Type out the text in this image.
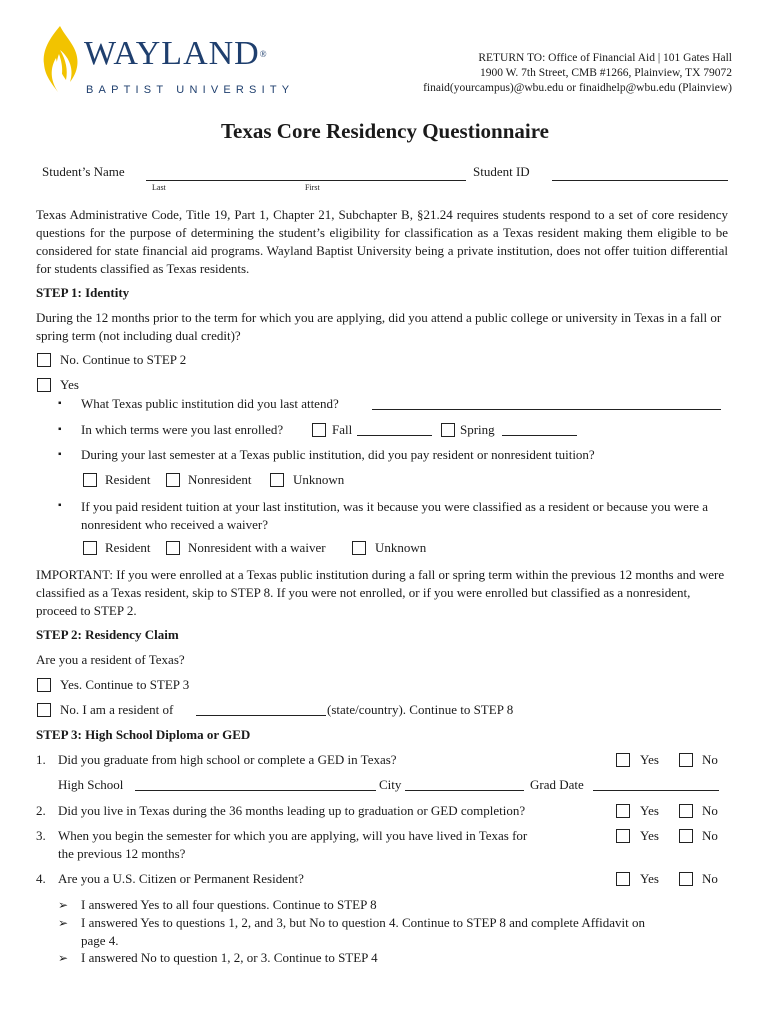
WAYLAND®
BAPTIST UNIVERSITY
RETURN TO: Office of Financial Aid | 101 Gates Hall
1900 W. 7th Street, CMB #1266, Plainview, TX 79072
finaid(yourcampus)@wbu.edu or finaidhelp@wbu.edu (Plainview)
Texas Core Residency Questionnaire
Student’s Name
Last	First
Student ID
Texas Administrative Code, Title 19, Part 1, Chapter 21, Subchapter B, §21.24 requires students respond to a set of core residency questions for the purpose of determining the student’s eligibility for classification as a Texas resident making them eligible to be considered for state financial aid programs. Wayland Baptist University being a private institution, does not offer tuition differential for students classified as Texas residents.
STEP 1: Identity
During the 12 months prior to the term for which you are applying, did you attend a public college or university in Texas in a fall or spring term (not including dual credit)?
No. Continue to STEP 2
Yes
▪ What Texas public institution did you last attend?
▪ In which terms were you last enrolled?	Fall	Spring
▪ During your last semester at a Texas public institution, did you pay resident or nonresident tuition?
Resident	Nonresident	Unknown
▪ If you paid resident tuition at your last institution, was it because you were classified as a resident or because you were a nonresident who received a waiver?
Resident	Nonresident with a waiver	Unknown
IMPORTANT: If you were enrolled at a Texas public institution during a fall or spring term within the previous 12 months and were classified as a Texas resident, skip to STEP 8. If you were not enrolled, or if you were enrolled but classified as a nonresident, proceed to STEP 2.
STEP 2: Residency Claim
Are you a resident of Texas?
Yes. Continue to STEP 3
No. I am a resident of	(state/country). Continue to STEP 8
STEP 3: High School Diploma or GED
1. Did you graduate from high school or complete a GED in Texas?	Yes	No
High School	City	Grad Date
2. Did you live in Texas during the 36 months leading up to graduation or GED completion?	Yes	No
3. When you begin the semester for which you are applying, will you have lived in Texas for
the previous 12 months?
Yes	No
4. Are you a U.S. Citizen or Permanent Resident?	Yes	No
➢ I answered Yes to all four questions. Continue to STEP 8
➢ I answered Yes to questions 1, 2, and 3, but No to question 4. Continue to STEP 8 and complete Affidavit on
page 4.
➢ I answered No to question 1, 2, or 3. Continue to STEP 4
